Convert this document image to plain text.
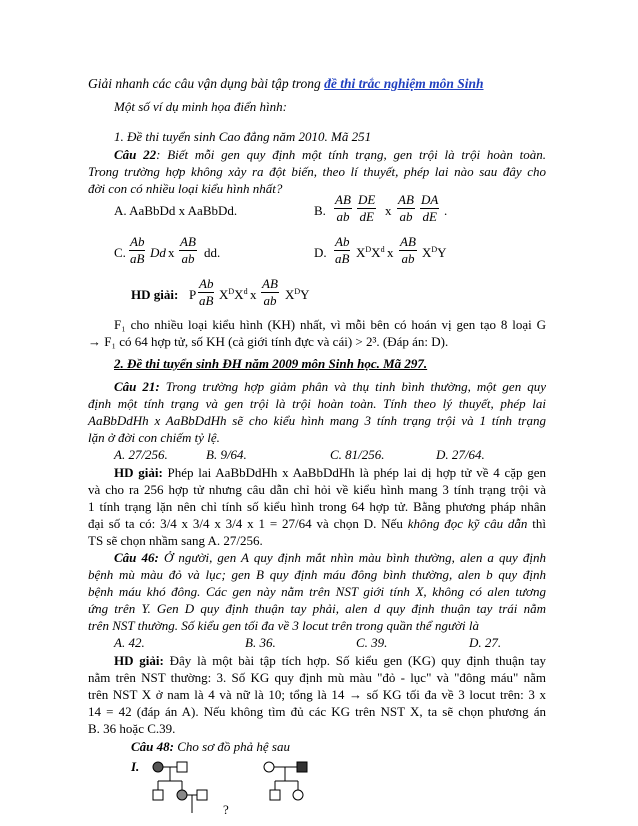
Giải nhanh các câu vận dụng bài tập trong đề thi trắc nghiệm môn Sinh
Một số ví dụ minh họa điển hình:
1. Đề thi tuyển sinh Cao đẳng năm 2010. Mã 251
Câu 22: Biết mỗi gen quy định một tính trạng, gen trội là trội hoàn toàn.
Trong trường hợp không xảy ra đột biến, theo lí thuyết, phép lai nào sau đây cho
đời con có nhiều loại kiểu hình nhất?
A. AaBbDd x AaBbDd.	B. $\frac{AB}{ab} \frac{DE}{dE}$ x $\frac{AB}{ab} \frac{DA}{dE}$ .
C. $\frac{Ab}{aB}$ Dd x $\frac{AB}{ab}$ dd.	D. $\frac{Ab}{aB} X^DX^d$ x $\frac{AB}{ab} X^DY$
HD giải: P $\frac{Ab}{aB} X^DX^d$ x $\frac{AB}{ab} X^DY$
F₁ cho nhiều loại kiểu hình (KH) nhất, vì mỗi bên có hoán vị gen tạo 8 loại G
→ F₁ có 64 hợp tử, số KH (cả giới tính đực và cái) > 2³. (Đáp án: D).
2. Đề thi tuyển sinh ĐH năm 2009 môn Sinh học. Mã 297.
Câu 21: Trong trường hợp giảm phân và thụ tinh bình thường, một gen quy
định một tính trạng và gen trội là trội hoàn toàn. Tính theo lý thuyết, phép lai
AaBbDdHh x AaBbDdHh sẽ cho kiểu hình mang 3 tính trạng trội và 1 tính trạng
lặn ở đời con chiếm tỷ lệ.
A. 27/256.	B. 9/64.	C. 81/256.	D. 27/64.
HD giải: Phép lai AaBbDdHh x AaBbDdHh là phép lai dị hợp tử về 4 cặp gen
và cho ra 256 hợp tử nhưng câu dẫn chỉ hỏi về kiểu hình mang 3 tính trạng trội và
1 tính trạng lặn nên chỉ tính số kiểu hình trong 64 hợp tử. Bằng phương pháp nhân
đại số ta có: 3/4 x 3/4 x 3/4 x 1 = 27/64 và chọn D. Nếu không đọc kỹ câu dẫn thì
TS sẽ chọn nhầm sang A. 27/256.
Câu 46: Ở người, gen A quy định mắt nhìn màu bình thường, alen a quy định
bệnh mù màu đỏ và lục; gen B quy định máu đông bình thường, alen b quy định
bệnh máu khó đông. Các gen này nằm trên NST giới tính X, không có alen tương
ứng trên Y. Gen D quy định thuận tay phải, alen d quy định thuận tay trái nằm
trên NST thường. Số kiểu gen tối đa về 3 locut trên trong quần thể người là
A. 42.	B. 36.	C. 39.	D. 27.
HD giải: Đây là một bài tập tích hợp. Số kiểu gen (KG) quy định thuận tay
nằm trên NST thường: 3. Số KG quy định mù màu "đỏ - lục" và "đông máu" nằm
trên NST X ở nam là 4 và nữ là 10; tổng là 14 → số KG tối đa về 3 locut trên: 3 x
14 = 42 (đáp án A). Nếu không tìm đủ các KG trên NST X, ta sẽ chọn phương án
B. 36 hoặc C.39.
Câu 48: Cho sơ đồ phả hệ sau
I.
?
